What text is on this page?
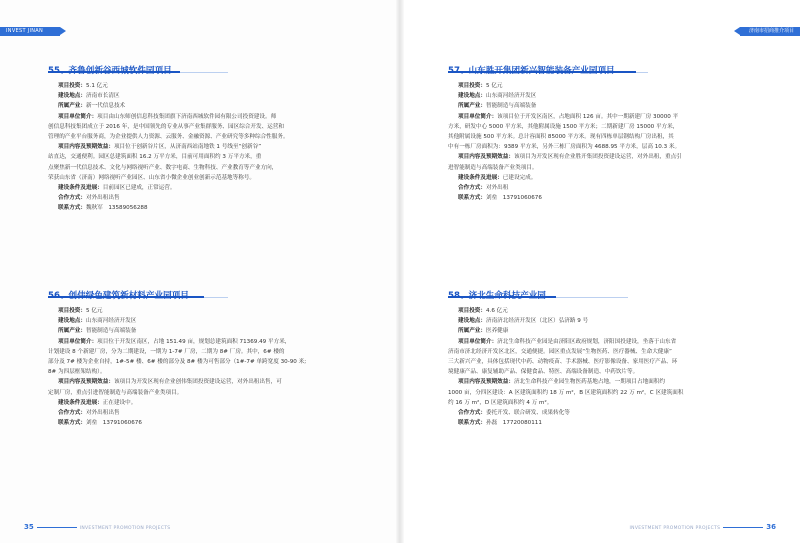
INVEST JINAN
项目投资：5.1 亿元
建设地点：济南市长清区
所属产业：新一代信息技术
项目单位简介：项目由山东师创信息科技集团旗下济南西城软件园有限公司投资建设。师
创信息科技集团成立于 2016 年，是中国领先的专业从事产业集群服务、园区综合开发、运营和
管理的产业平台服务商，为企业提供人力资源、云服务、金融资源、产业研究等多种综合性服务。
项目内容及预期效益：项目位于创新谷片区，从济南西站南地铁 1 号线至“创新谷”
站直达，交通便利。园区总建筑面积 16.2 万平方米，目前可用面积约 3 万平方米，重
点聚焦新一代信息技术、文化与网络视听产业、数字电商、生物科技、产业教育等产业方向，
荣获山东省（济南）网络视听产业园区、山东省小微企业创业创新示范基地等称号。
建设条件及进展：目前园区已建成，正常运营。
合作方式：对外出租出售
联系方式：魏秋军　13589056288
项目投资：5 亿元
建设地点：山东商河经济开发区
所属产业：智能制造与高端装备
项目单位简介：项目位于开发区南区，占地 151.49 亩，规划总建筑面积 71369.49 平方米，
计划建设 8 个新建厂房，分为二期建设，一期为 1-7# 厂房，二期为 8# 厂房。其中，6# 楼的
部分及 7# 楼为企业自持，1#-5# 楼、6# 楼的部分及 8# 楼为可售部分（1#-7# 单跨宽度 30-90 米;
8# 为四层框架结构）。
项目内容及预期效益：该项目为开发区现有企业创伟集团投资建设运营，对外出租出售，可
定制厂房，重点引进智能制造与高端装备产业类项目。
建设条件及进展：正在建设中。
合作方式：对外出租出售
联系方式：刘垒　13791060676
35	INVESTMENT PROMOTION PROJECTS
济南市招商推介项目
项目投资：5 亿元
建设地点：山东商河经济开发区
所属产业：智能制造与高端装备
项目单位简介：该项目位于开发区南区，占地面积 126 亩。其中一期新建厂房 30000 平
方米，研发中心 5000 平方米，其他附属设施 1500 平方米；二期新建厂房 15000 平方米，
其他附属设施 500 平方米。总计容面积 85000 平方米。现有四栋单层钢结构厂房出租，其
中有一栋厂房面积为：9389 平方米，另外三栋厂房面积为 4688.95 平方米，层高 10.3 米。
项目内容及预期效益：该项目为开发区现有企业胜开集团投资建设运营，对外出租，重点引
进智能制造与高端装备产业类项目。
建设条件及进展：已建设完成。
合作方式：对外出租
联系方式：刘垒　13791060676
项目投资：4.6 亿元
建设地点：济南济北经济开发区（北区）弘济路 9 号
所属产业：医养健康
项目单位简介：济北生命科技产业园是由济阳区政府规划，济阳国投建设，坐落于山东省
济南市济北经济开发区北区，交通便捷。园区重点发展“生物医药、医疗器械、生命大健康”
三大新兴产业，具体包括现代中药、动物疫苗、手术器械、医疗影像设备、家用医疗产品、环
境健康产品、康复辅助产品、保健食品、特医、高端设备制造、中药饮片等。
项目内容及预期效益：济北生命科技产业园生物医药基地占地，一期项目占地面积约
1000 亩，分四区建设：A 区建筑面积约 18 万 m²，B 区建筑面积约 22 万 m²，C 区建筑面积
约 16 万 m²，D 区建筑面积约 4 万 m²。
合作方式：委托开发、联合研发、成果转化等
联系方式：孙磊　17720080111
INVESTMENT PROMOTION PROJECTS	36
